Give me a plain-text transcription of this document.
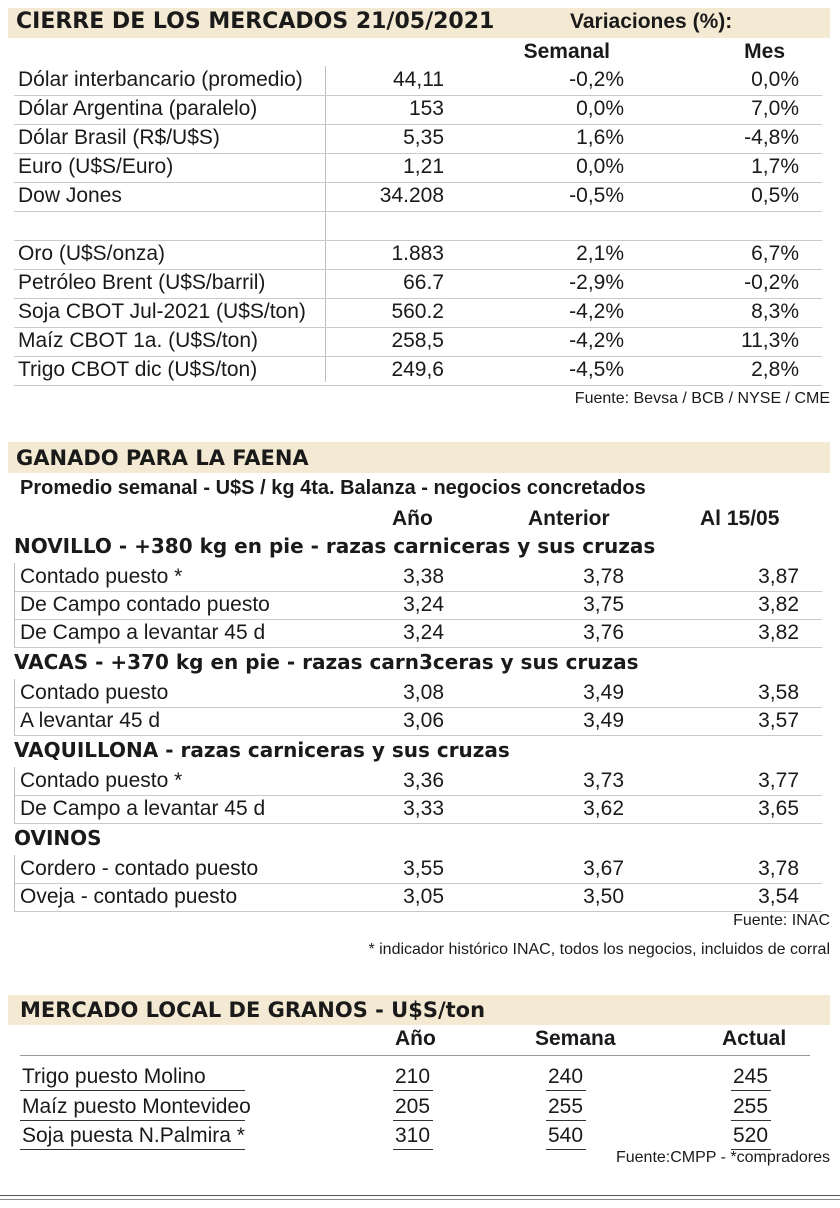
CIERRE DE LOS MERCADOS 21/05/2021	Variaciones (%):
Semanal	Mes
Dólar interbancario (promedio)	44,11	-0,2%	0,0%
Dólar Argentina (paralelo)	153	0,0%	7,0%
Dólar Brasil (R$/U$S)	5,35	1,6%	-4,8%
Euro (U$S/Euro)	1,21	0,0%	1,7%
Dow Jones	34.208	-0,5%	0,5%
Oro (U$S/onza)	1.883	2,1%	6,7%
Petróleo Brent (U$S/barril)	66.7	-2,9%	-0,2%
Soja CBOT Jul-2021 (U$S/ton)	560.2	-4,2%	8,3%
Maíz CBOT 1a. (U$S/ton)	258,5	-4,2%	11,3%
Trigo CBOT dic (U$S/ton)	249,6	-4,5%	2,8%
Fuente: Bevsa / BCB / NYSE / CME
GANADO PARA LA FAENA
Promedio semanal - U$S / kg 4ta. Balanza - negocios concretados
Año	Anterior	Al 15/05
NOVILLO - +380 kg en pie - razas carniceras y sus cruzas
Contado puesto *	3,38	3,78	3,87
De Campo contado puesto	3,24	3,75	3,82
De Campo a levantar 45 d	3,24	3,76	3,82
VACAS - +370 kg en pie - razas carn3ceras y sus cruzas
Contado puesto	3,08	3,49	3,58
A levantar 45 d	3,06	3,49	3,57
VAQUILLONA - razas carniceras y sus cruzas
Contado puesto *	3,36	3,73	3,77
De Campo a levantar 45 d	3,33	3,62	3,65
OVINOS
Cordero - contado puesto	3,55	3,67	3,78
Oveja - contado puesto	3,05	3,50	3,54
Fuente: INAC
* indicador histórico INAC, todos los negocios, incluidos de corral
MERCADO LOCAL DE GRANOS - U$S/ton
Año	Semana	Actual
Trigo puesto Molino	210	240	245
Maíz puesto Montevideo	205	255	255
Soja puesta N.Palmira *	310	540	520
Fuente:CMPP - *compradores
